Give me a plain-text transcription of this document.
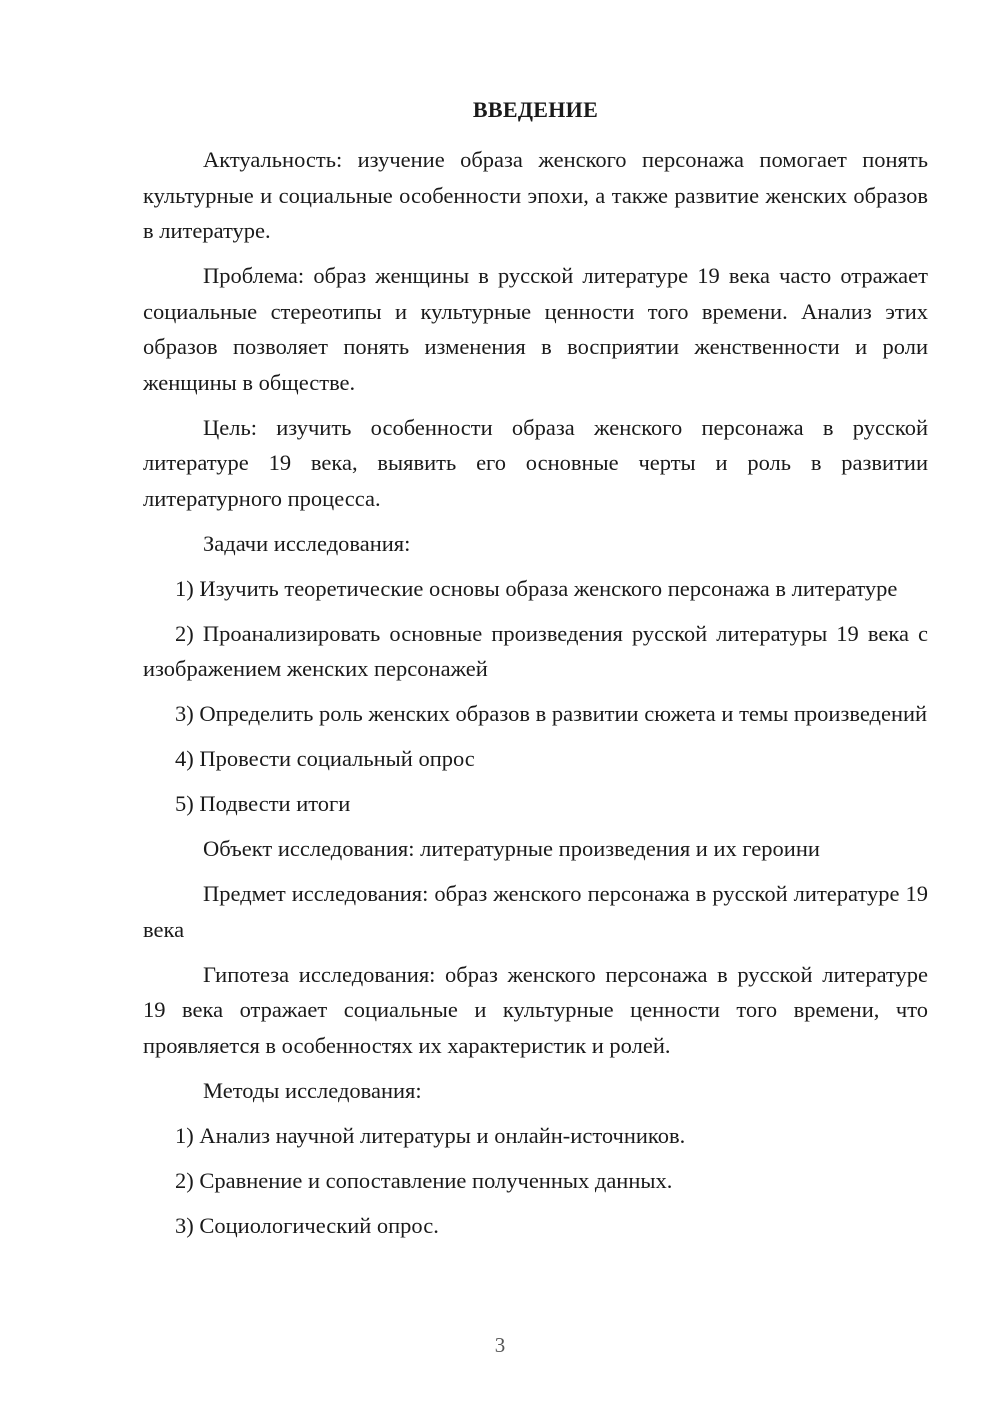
ВВЕДЕНИЕ

Актуальность: изучение образа женского персонажа помогает понять культурные и социальные особенности эпохи, а также развитие женских образов в литературе.

Проблема: образ женщины в русской литературе 19 века часто отражает социальные стереотипы и культурные ценности того времени. Анализ этих образов позволяет понять изменения в восприятии женственности и роли женщины в обществе.

Цель: изучить особенности образа женского персонажа в русской литературе 19 века, выявить его основные черты и роль в развитии литературного процесса.

Задачи исследования:

1) Изучить теоретические основы образа женского персонажа в литературе

2) Проанализировать основные произведения русской литературы 19 века с изображением женских персонажей

3) Определить роль женских образов в развитии сюжета и темы произведений

4) Провести социальный опрос

5) Подвести итоги

Объект исследования: литературные произведения и их героини

Предмет исследования: образ женского персонажа в русской литературе 19 века

Гипотеза исследования: образ женского персонажа в русской литературе 19 века отражает социальные и культурные ценности того времени, что проявляется в особенностях их характеристик и ролей.

Методы исследования:

1) Анализ научной литературы и онлайн-источников.

2) Сравнение и сопоставление полученных данных.

3) Социологический опрос.

3
